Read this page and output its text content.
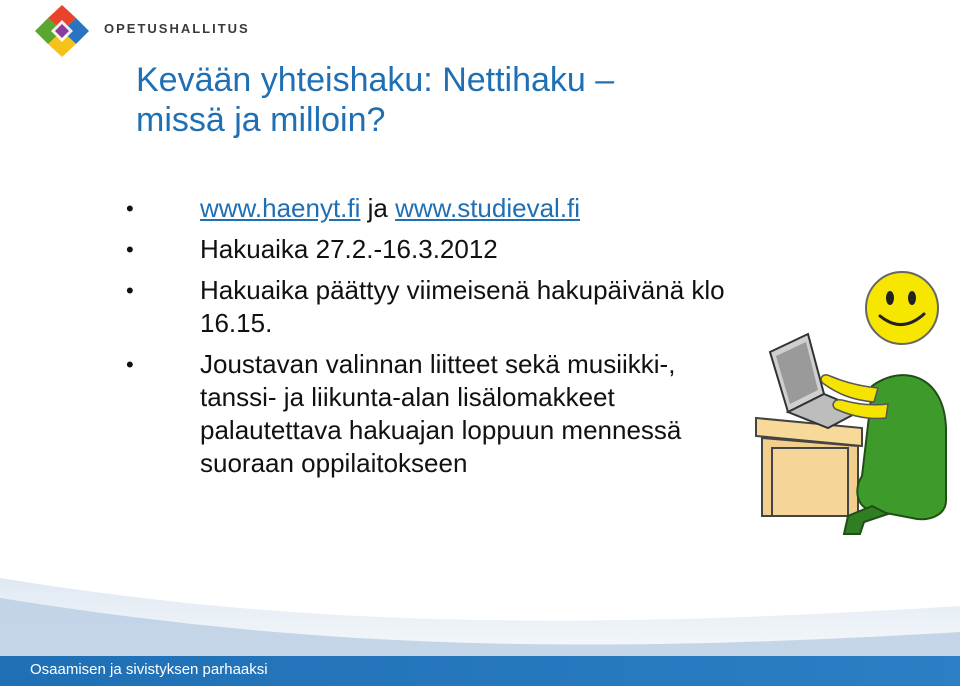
OPETUSHALLITUS
Kevään yhteishaku: Nettihaku –
missä ja milloin?
• www.haenyt.fi ja www.studieval.fi
• Hakuaika 27.2.-16.3.2012
• Hakuaika päättyy viimeisenä hakupäivänä klo 16.15.
• Joustavan valinnan liitteet sekä musiikki-, tanssi- ja liikunta-alan lisälomakkeet palautettava hakuajan loppuun mennessä suoraan oppilaitokseen
Osaamisen ja sivistyksen parhaaksi
